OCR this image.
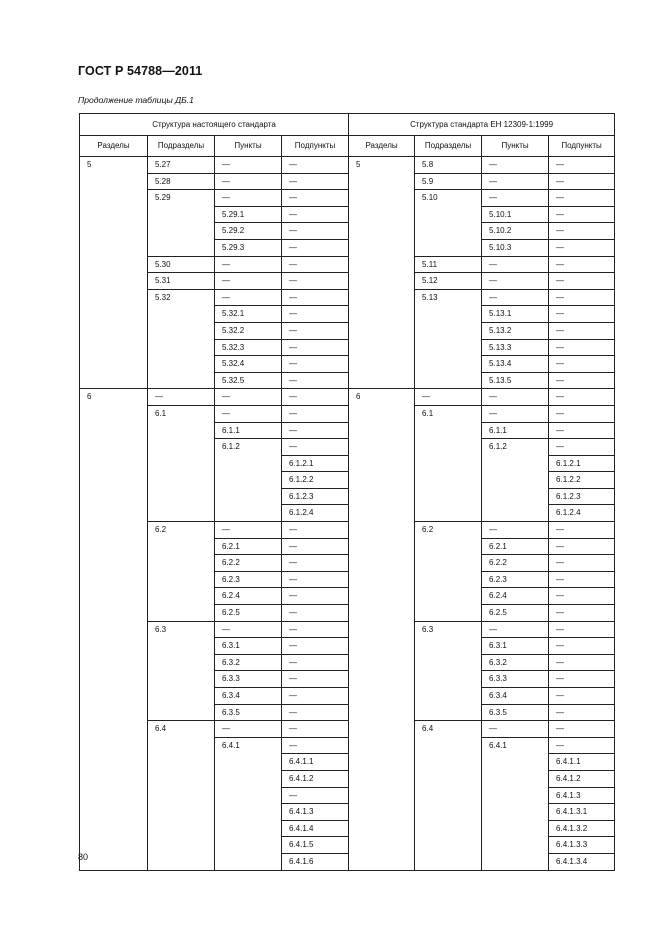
ГОСТ Р 54788—2011
Продолжение таблицы ДБ.1
Структура настоящего стандарта				Структура стандарта ЕН 12309-1:1999			
Разделы	Подразделы	Пункты	Подпункты	Разделы	Подразделы	Пункты	Подпункты
5	5.27	—	—	5	5.8	—	—
	5.28	—	—		5.9	—	—
	5.29	—	—		5.10	—	—
		5.29.1	—			5.10.1	—
		5.29.2	—			5.10.2	—
		5.29.3	—			5.10.3	—
	5.30	—	—		5.11	—	—
	5.31	—	—		5.12	—	—
	5.32	—	—		5.13	—	—
		5.32.1	—			5.13.1	—
		5.32.2	—			5.13.2	—
		5.32.3	—			5.13.3	—
		5.32.4	—			5.13.4	—
		5.32.5	—			5.13.5	—
6	—	—	—	6	—	—	—
	6.1	—	—		6.1	—	—
		6.1.1	—			6.1.1	—
		6.1.2	—			6.1.2	—
			6.1.2.1				6.1.2.1
			6.1.2.2				6.1.2.2
			6.1.2.3				6.1.2.3
			6.1.2.4				6.1.2.4
	6.2	—	—		6.2	—	—
		6.2.1	—			6.2.1	—
		6.2.2	—			6.2.2	—
		6.2.3	—			6.2.3	—
		6.2.4	—			6.2.4	—
		6.2.5	—			6.2.5	—
	6.3	—	—		6.3	—	—
		6.3.1	—			6.3.1	—
		6.3.2	—			6.3.2	—
		6.3.3	—			6.3.3	—
		6.3.4	—			6.3.4	—
		6.3.5	—			6.3.5	—
	6.4	—	—		6.4	—	—
		6.4.1	—			6.4.1	—
			6.4.1.1				6.4.1.1
			6.4.1.2				6.4.1.2
			—				6.4.1.3
			6.4.1.3				6.4.1.3.1
			6.4.1.4				6.4.1.3.2
			6.4.1.5				6.4.1.3.3
			6.4.1.6				6.4.1.3.4
80
